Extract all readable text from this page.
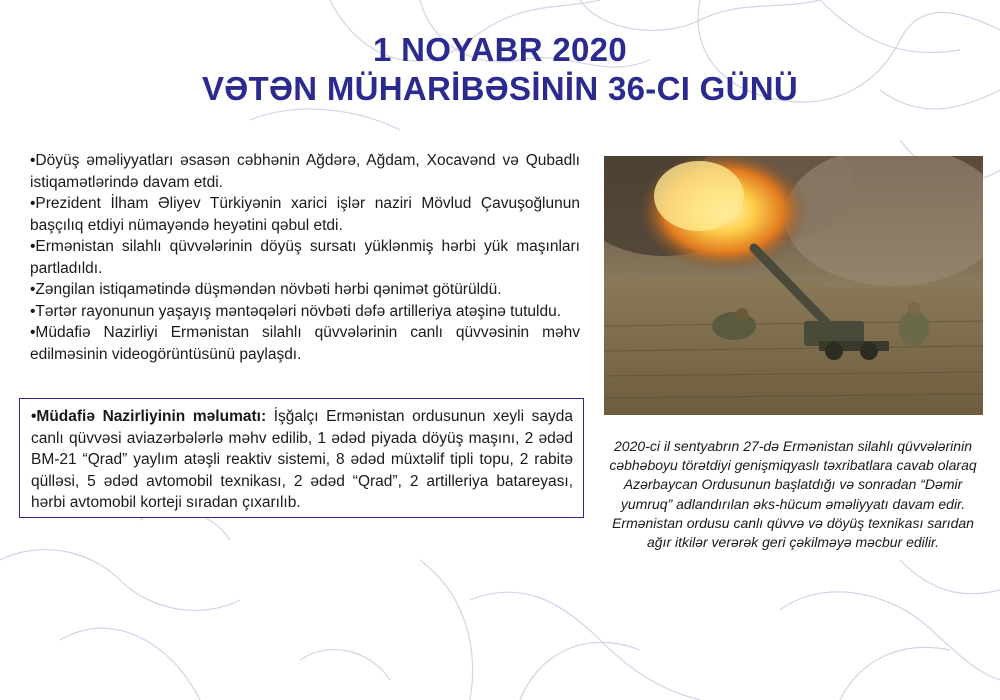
1 NOYABR 2020
VƏTƏN MÜHARİBƏSİNİN 36-CI GÜNÜ

•Döyüş əməliyyatları əsasən cəbhənin Ağdərə, Ağdam, Xocavənd və Qubadlı istiqamətlərində davam etdi.

•Prezident İlham Əliyev Türkiyənin xarici işlər naziri Mövlud Çavuşoğlunun başçılıq etdiyi nümayəndə heyətini qəbul etdi.

•Ermənistan silahlı qüvvələrinin döyüş sursatı yüklənmiş hərbi yük maşınları partladıldı.

•Zəngilan istiqamətində düşməndən növbəti hərbi qənimət götürüldü.

•Tərtər rayonunun yaşayış məntəqələri növbəti dəfə artilleriya atəşinə tutuldu.

•Müdafiə Nazirliyi Ermənistan silahlı qüvvələrinin canlı qüvvəsinin məhv edilməsinin videogörüntüsünü paylaşdı.

•Müdafiə Nazirliyinin məlumatı: İşğalçı Ermənistan ordusunun xeyli sayda canlı qüvvəsi aviazərbələrlə məhv edilib, 1 ədəd piyada döyüş maşını, 2 ədəd BM-21 “Qrad” yaylım atəşli reaktiv sistemi, 8 ədəd müxtəlif tipli topu, 2 rabitə qülləsi, 5 ədəd avtomobil texnikası, 2 ədəd “Qrad”, 2 artilleriya batareyası, hərbi avtomobil korteji sıradan çıxarılıb.
2020-ci il sentyabrın 27-də Ermənistan silahlı qüvvələrinin cəbhəboyu törətdiyi genişmiqyaslı təxribatlara cavab olaraq Azərbaycan Ordusunun başlatdığı və sonradan “Dəmir yumruq” adlandırılan əks-hücum əməliyyatı davam edir. Ermənistan ordusu canlı qüvvə və döyüş texnikası sarıdan ağır itkilər verərək geri çəkilməyə məcbur edilir.
